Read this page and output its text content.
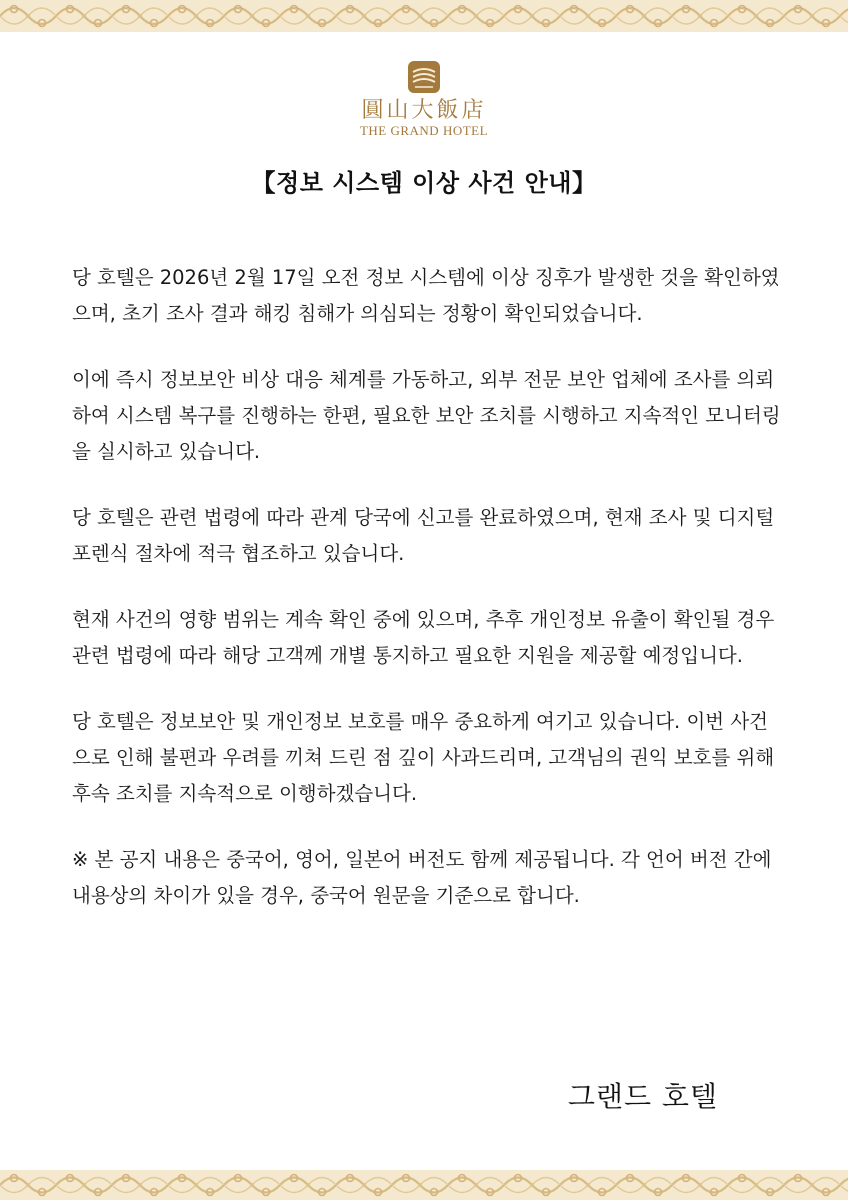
圓山大飯店
THE GRAND HOTEL
【정보 시스템 이상 사건 안내】

당 호텔은 2026년 2월 17일 오전 정보 시스템에 이상 징후가 발생한 것을 확인하였으며, 초기 조사 결과 해킹 침해가 의심되는 정황이 확인되었습니다.

이에 즉시 정보보안 비상 대응 체계를 가동하고, 외부 전문 보안 업체에 조사를 의뢰하여 시스템 복구를 진행하는 한편, 필요한 보안 조치를 시행하고 지속적인 모니터링을 실시하고 있습니다.

당 호텔은 관련 법령에 따라 관계 당국에 신고를 완료하였으며, 현재 조사 및 디지털 포렌식 절차에 적극 협조하고 있습니다.

현재 사건의 영향 범위는 계속 확인 중에 있으며, 추후 개인정보 유출이 확인될 경우 관련 법령에 따라 해당 고객께 개별 통지하고 필요한 지원을 제공할 예정입니다.

당 호텔은 정보보안 및 개인정보 보호를 매우 중요하게 여기고 있습니다. 이번 사건으로 인해 불편과 우려를 끼쳐 드린 점 깊이 사과드리며, 고객님의 권익 보호를 위해 후속 조치를 지속적으로 이행하겠습니다.

※ 본 공지 내용은 중국어, 영어, 일본어 버전도 함께 제공됩니다. 각 언어 버전 간에 내용상의 차이가 있을 경우, 중국어 원문을 기준으로 합니다.

그랜드 호텔
